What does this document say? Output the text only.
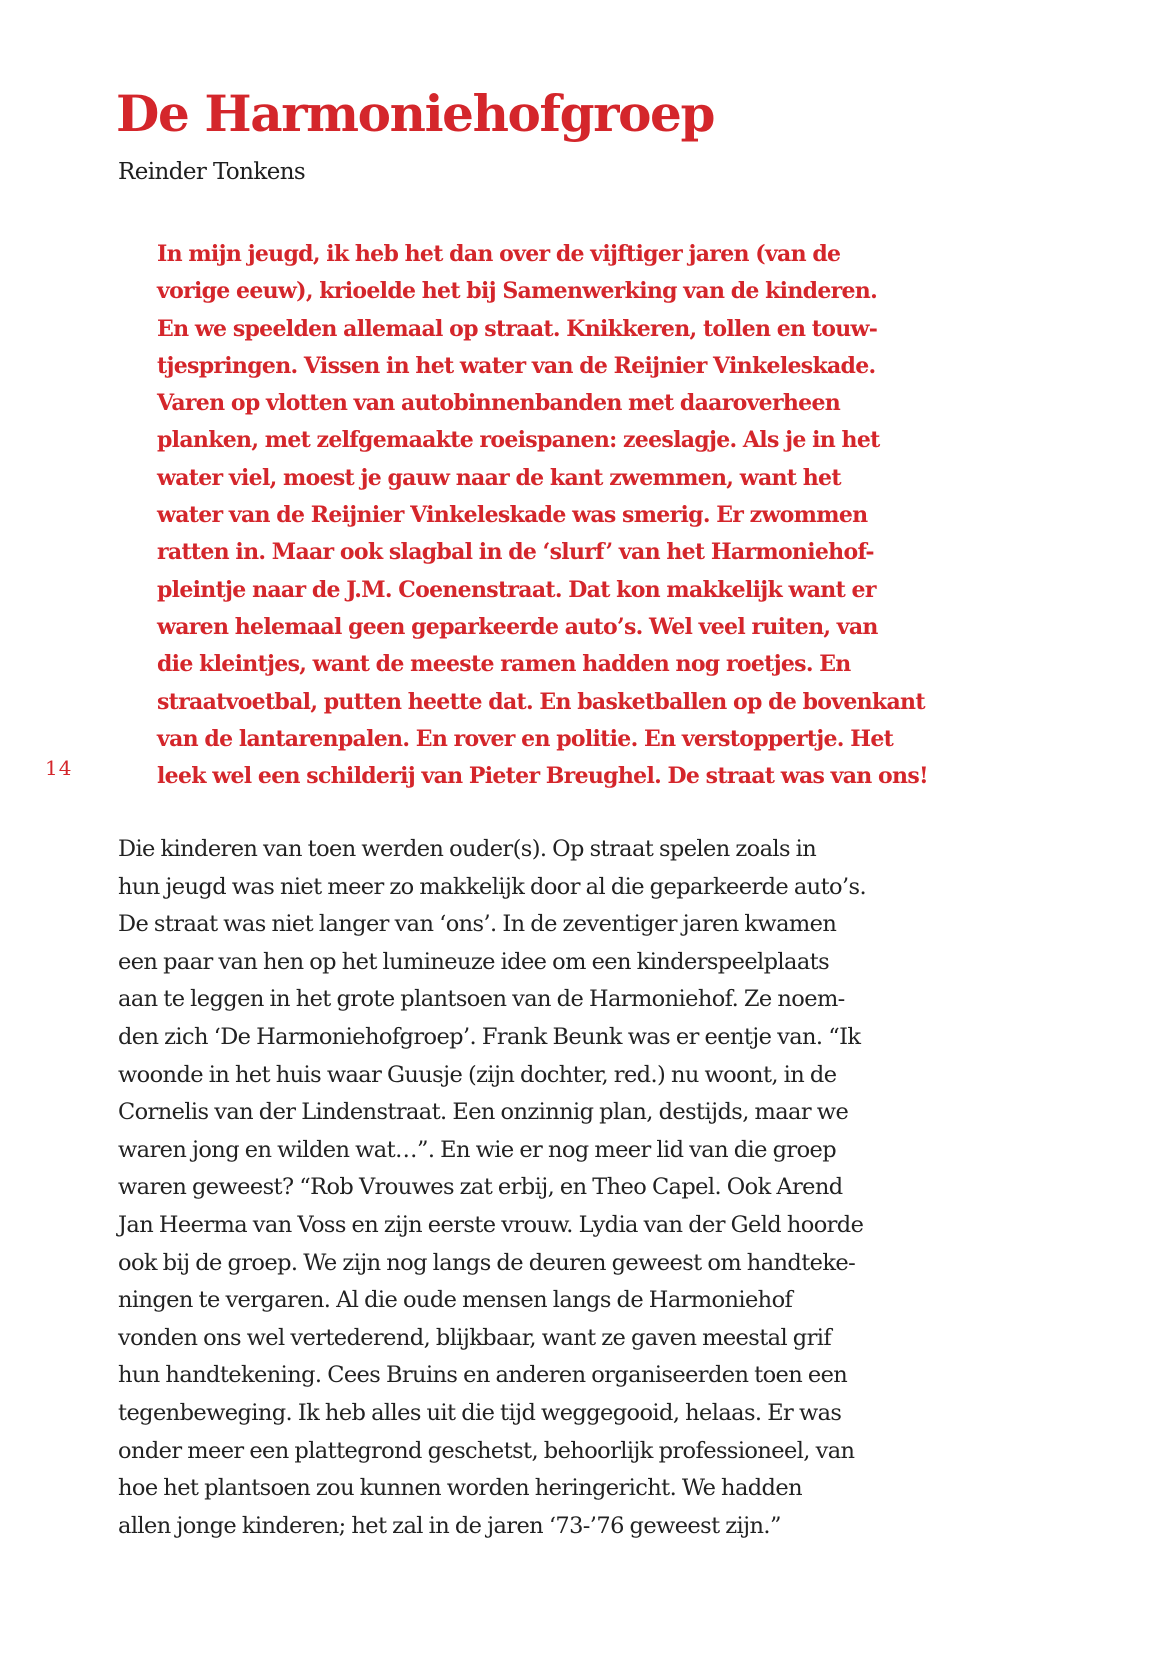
De Harmoniehofgroep

Reinder Tonkens

In mijn jeugd, ik heb het dan over de vijftiger jaren (van de
vorige eeuw), krioelde het bij Samenwerking van de kinderen.
En we speelden allemaal op straat. Knikkeren, tollen en touw-
tjespringen. Vissen in het water van de Reijnier Vinkeleskade.
Varen op vlotten van autobinnenbanden met daaroverheen
planken, met zelfgemaakte roeispanen: zeeslagje. Als je in het
water viel, moest je gauw naar de kant zwemmen, want het
water van de Reijnier Vinkeleskade was smerig. Er zwommen
ratten in. Maar ook slagbal in de ‘slurf’ van het Harmoniehof-
pleintje naar de J.M. Coenenstraat. Dat kon makkelijk want er
waren helemaal geen geparkeerde auto’s. Wel veel ruiten, van
die kleintjes, want de meeste ramen hadden nog roetjes. En
straatvoetbal, putten heette dat. En basketballen op de bovenkant
van de lantarenpalen. En rover en politie. En verstoppertje. Het
leek wel een schilderij van Pieter Breughel. De straat was van ons!

14

Die kinderen van toen werden ouder(s). Op straat spelen zoals in
hun jeugd was niet meer zo makkelijk door al die geparkeerde auto’s.
De straat was niet langer van ‘ons’. In de zeventiger jaren kwamen
een paar van hen op het lumineuze idee om een kinderspeelplaats
aan te leggen in het grote plantsoen van de Harmoniehof. Ze noem-
den zich ‘De Harmoniehofgroep’. Frank Beunk was er eentje van. “Ik
woonde in het huis waar Guusje (zijn dochter, red.) nu woont, in de
Cornelis van der Lindenstraat. Een onzinnig plan, destijds, maar we
waren jong en wilden wat…”. En wie er nog meer lid van die groep
waren geweest? “Rob Vrouwes zat erbij, en Theo Capel. Ook Arend
Jan Heerma van Voss en zijn eerste vrouw. Lydia van der Geld hoorde
ook bij de groep. We zijn nog langs de deuren geweest om handteke-
ningen te vergaren. Al die oude mensen langs de Harmoniehof
vonden ons wel vertederend, blijkbaar, want ze gaven meestal grif
hun handtekening. Cees Bruins en anderen organiseerden toen een
tegenbeweging. Ik heb alles uit die tijd weggegooid, helaas. Er was
onder meer een plattegrond geschetst, behoorlijk professioneel, van
hoe het plantsoen zou kunnen worden heringericht. We hadden
allen jonge kinderen; het zal in de jaren ‘73-’76 geweest zijn.”
